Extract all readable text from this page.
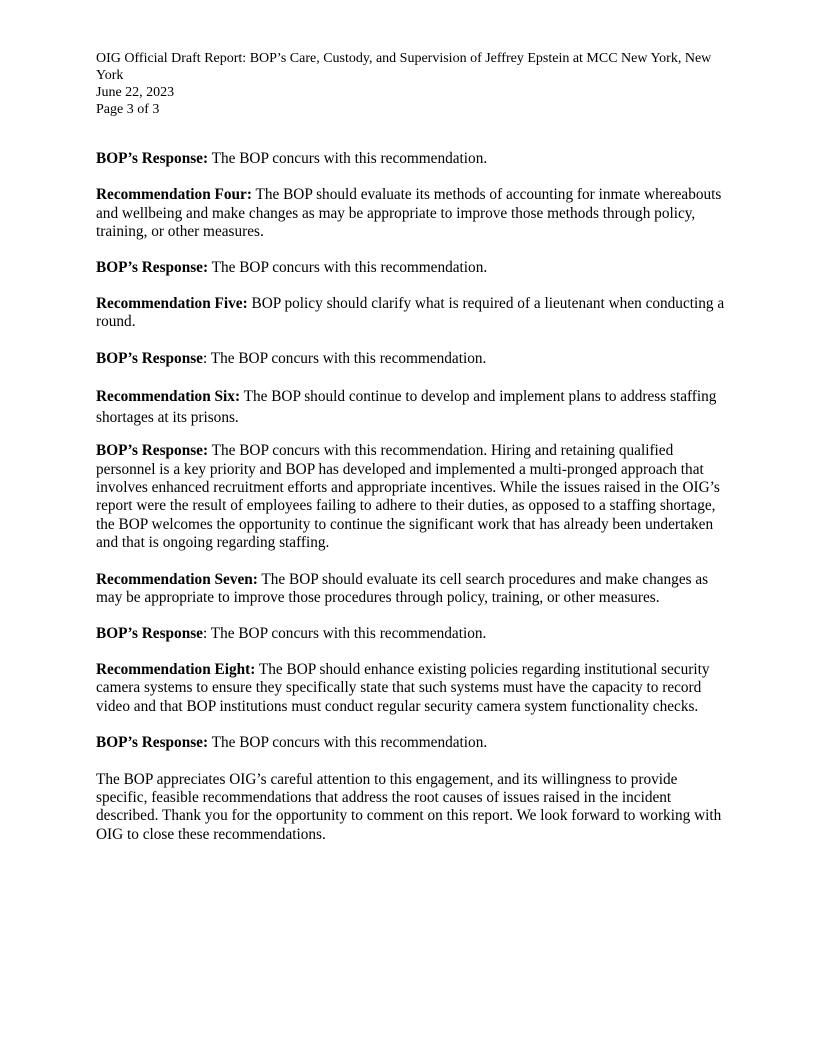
OIG Official Draft Report: BOP’s Care, Custody, and Supervision of Jeffrey Epstein at MCC New York, New York
June 22, 2023
Page 3 of 3

BOP’s Response: The BOP concurs with this recommendation.

Recommendation Four: The BOP should evaluate its methods of accounting for inmate whereabouts and wellbeing and make changes as may be appropriate to improve those methods through policy, training, or other measures.

BOP’s Response: The BOP concurs with this recommendation.

Recommendation Five: BOP policy should clarify what is required of a lieutenant when conducting a round.

BOP’s Response: The BOP concurs with this recommendation.

Recommendation Six: The BOP should continue to develop and implement plans to address staffing shortages at its prisons.

BOP’s Response: The BOP concurs with this recommendation. Hiring and retaining qualified personnel is a key priority and BOP has developed and implemented a multi-pronged approach that involves enhanced recruitment efforts and appropriate incentives. While the issues raised in the OIG’s report were the result of employees failing to adhere to their duties, as opposed to a staffing shortage, the BOP welcomes the opportunity to continue the significant work that has already been undertaken and that is ongoing regarding staffing.

Recommendation Seven: The BOP should evaluate its cell search procedures and make changes as may be appropriate to improve those procedures through policy, training, or other measures.

BOP’s Response: The BOP concurs with this recommendation.

Recommendation Eight: The BOP should enhance existing policies regarding institutional security camera systems to ensure they specifically state that such systems must have the capacity to record video and that BOP institutions must conduct regular security camera system functionality checks.

BOP’s Response: The BOP concurs with this recommendation.

The BOP appreciates OIG’s careful attention to this engagement, and its willingness to provide specific, feasible recommendations that address the root causes of issues raised in the incident described. Thank you for the opportunity to comment on this report. We look forward to working with OIG to close these recommendations.
